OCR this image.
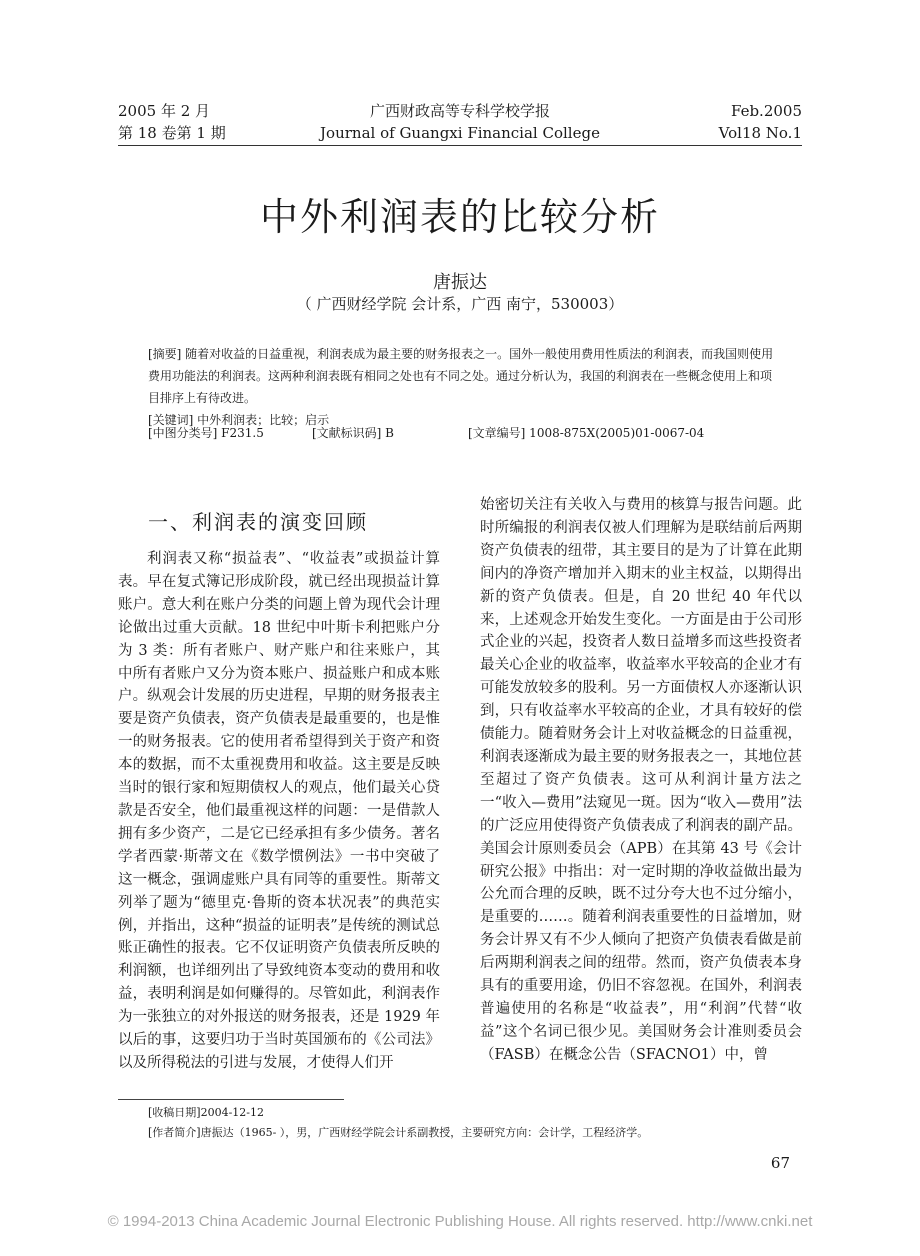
2005 年 2 月
第 18 卷第 1 期
广西财政高等专科学校学报
Journal of Guangxi Financial College
Feb.2005
Vol18 No.1
中外利润表的比较分析
唐振达
（ 广西财经学院 会计系，广西 南宁，530003）

[摘要] 随着对收益的日益重视，利润表成为最主要的财务报表之一。国外一般使用费用性质法的利润表，而我国则使用费用功能法的利润表。这两种利润表既有相同之处也有不同之处。通过分析认为，我国的利润表在一些概念使用上和项目排序上有待改进。

[关键词] 中外利润表；比较；启示

[中图分类号] F231.5	[文献标识码] B	[文章编号] 1008-875X(2005)01-0067-04
一、利润表的演变回顾

利润表又称“损益表”、“收益表”或损益计算表。早在复式簿记形成阶段，就已经出现损益计算账户。意大利在账户分类的问题上曾为现代会计理论做出过重大贡献。18 世纪中叶斯卡利把账户分为 3 类：所有者账户、财产账户和往来账户，其中所有者账户又分为资本账户、损益账户和成本账户。纵观会计发展的历史进程，早期的财务报表主要是资产负债表，资产负债表是最重要的，也是惟一的财务报表。它的使用者希望得到关于资产和资本的数据，而不太重视费用和收益。这主要是反映当时的银行家和短期债权人的观点，他们最关心贷款是否安全，他们最重视这样的问题：一是借款人拥有多少资产，二是它已经承担有多少债务。著名学者西蒙·斯蒂文在《数学惯例法》一书中突破了这一概念，强调虚账户具有同等的重要性。斯蒂文列举了题为“德里克·鲁斯的资本状况表”的典范实例，并指出，这种“损益的证明表”是传统的测试总账正确性的报表。它不仅证明资产负债表所反映的利润额，也详细列出了导致纯资本变动的费用和收益，表明利润是如何赚得的。尽管如此，利润表作为一张独立的对外报送的财务报表，还是 1929 年以后的事，这要归功于当时英国颁布的《公司法》以及所得税法的引进与发展，才使得人们开

始密切关注有关收入与费用的核算与报告问题。此时所编报的利润表仅被人们理解为是联结前后两期资产负债表的纽带，其主要目的是为了计算在此期间内的净资产增加并入期末的业主权益，以期得出新的资产负债表。但是，自 20 世纪 40 年代以来，上述观念开始发生变化。一方面是由于公司形式企业的兴起，投资者人数日益增多而这些投资者最关心企业的收益率，收益率水平较高的企业才有可能发放较多的股利。另一方面债权人亦逐渐认识到，只有收益率水平较高的企业，才具有较好的偿债能力。随着财务会计上对收益概念的日益重视，利润表逐渐成为最主要的财务报表之一，其地位甚至超过了资产负债表。这可从利润计量方法之一“收入—费用”法窥见一斑。因为“收入—费用”法的广泛应用使得资产负债表成了利润表的副产品。美国会计原则委员会（APB）在其第 43 号《会计研究公报》中指出：对一定时期的净收益做出最为公允而合理的反映，既不过分夸大也不过分缩小，是重要的……。随着利润表重要性的日益增加，财务会计界又有不少人倾向了把资产负债表看做是前后两期利润表之间的纽带。然而，资产负债表本身具有的重要用途，仍旧不容忽视。在国外，利润表普遍使用的名称是“收益表”，用“利润”代替“收益”这个名词已很少见。美国财务会计准则委员会（FASB）在概念公告（SFACNO1）中，曾

[收稿日期]2004-12-12
[作者简介]唐振达（1965- ），男，广西财经学院会计系副教授，主要研究方向：会计学，工程经济学。
67
© 1994-2013 China Academic Journal Electronic Publishing House. All rights reserved. http://www.cnki.net
